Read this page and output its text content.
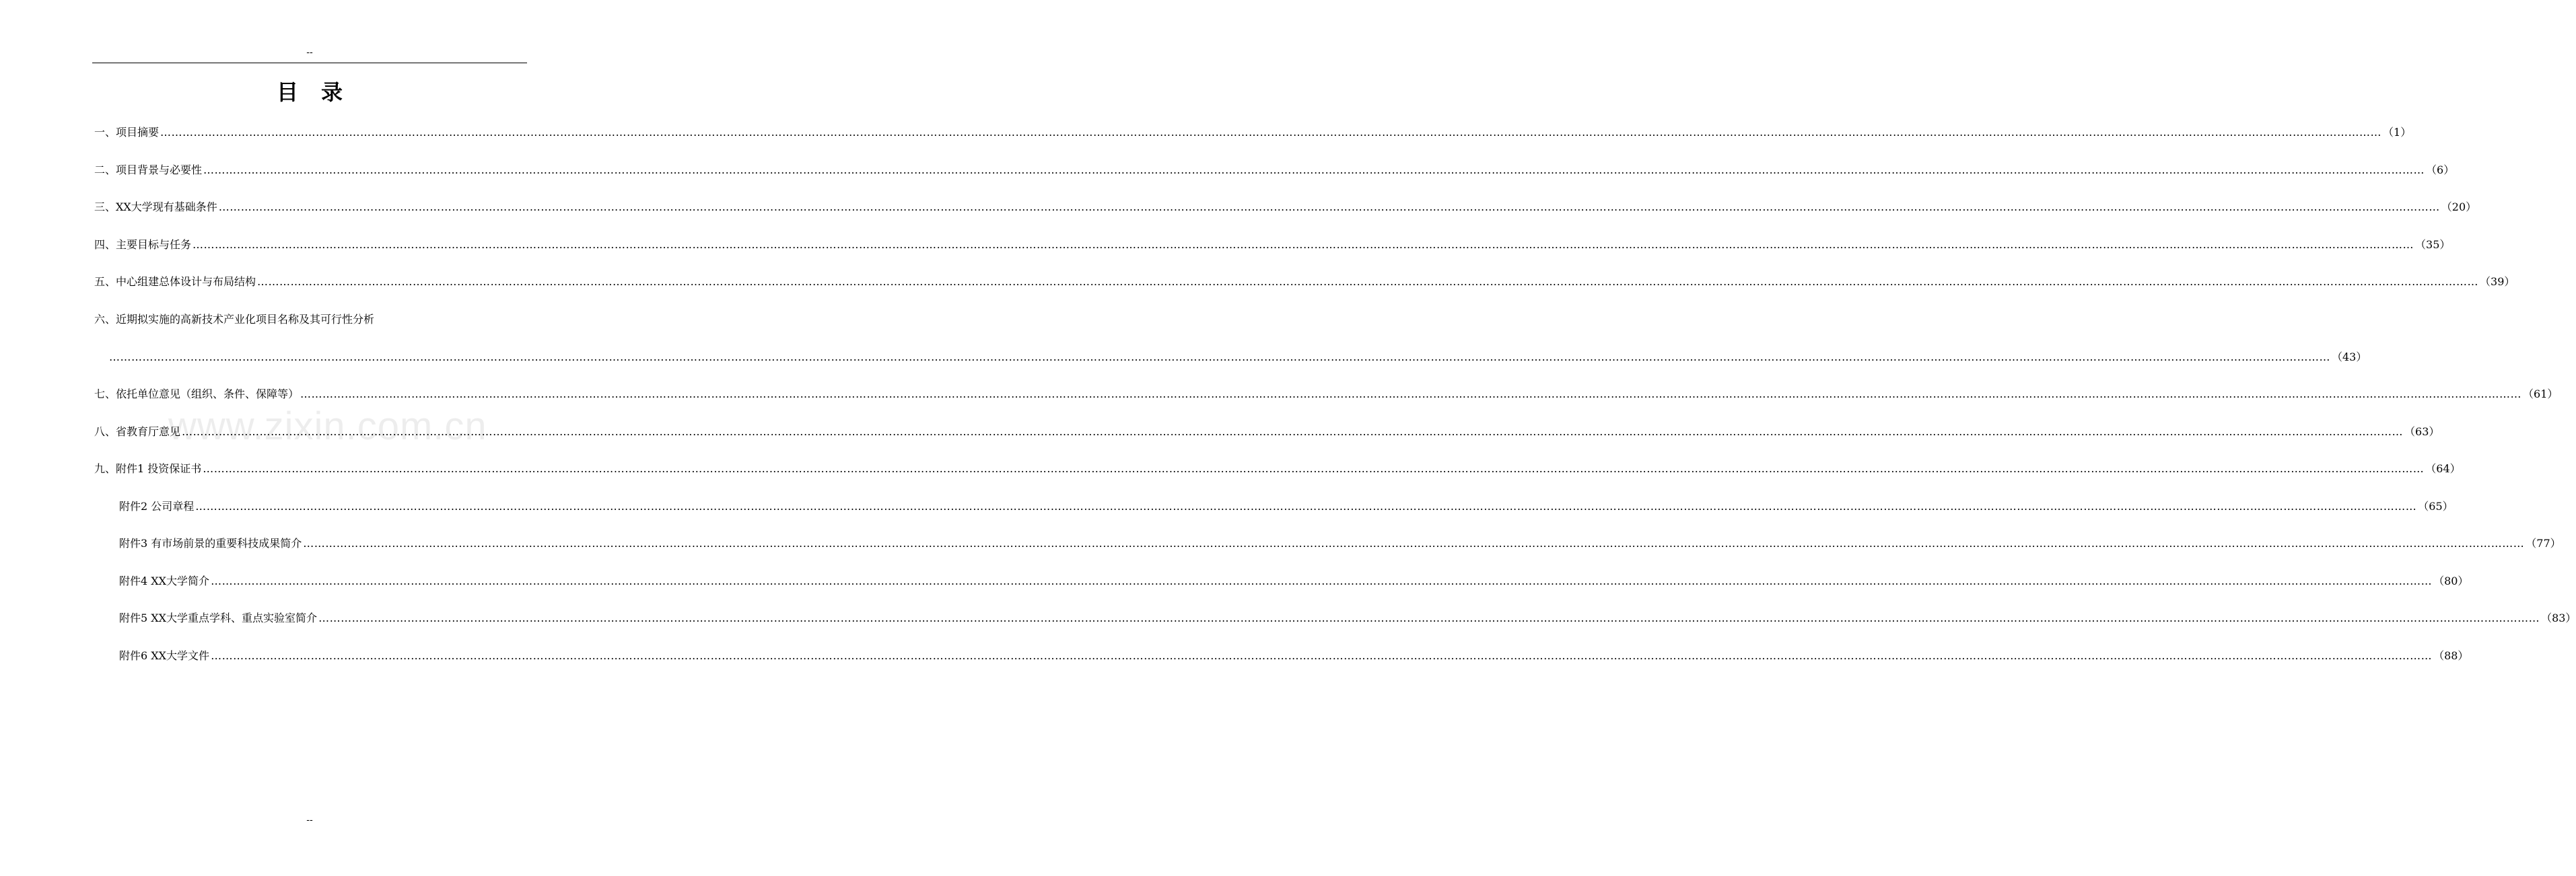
--
目录
www.zixin.com.cn
一、项目摘要 …………………………………………………………………………………………………………………………………………………………………………………………………………………………………………………………………………………………………………………………………………………………………………………………………………………………………………………………………………………………………………………………………………………… （1）
二、项目背景与必要性 …………………………………………………………………………………………………………………………………………………………………………………………………………………………………………………………………………………………………………………………………………………………………………………………………………………………………………………………………………………………………………………………………………………… （6）
三、XX大学现有基础条件 …………………………………………………………………………………………………………………………………………………………………………………………………………………………………………………………………………………………………………………………………………………………………………………………………………………………………………………………………………………………………………………………………………………… （20）
四、主要目标与任务 …………………………………………………………………………………………………………………………………………………………………………………………………………………………………………………………………………………………………………………………………………………………………………………………………………………………………………………………………………………………………………………………………………………… （35）
五、中心组建总体设计与布局结构 …………………………………………………………………………………………………………………………………………………………………………………………………………………………………………………………………………………………………………………………………………………………………………………………………………………………………………………………………………………………………………………………………………………… （39）
六、近期拟实施的高新技术产业化项目名称及其可行性分析
…………………………………………………………………………………………………………………………………………………………………………………………………………………………………………………………………………………………………………………………………………………………………………………………………………………………………………………………………………………………………………………………………………………… （43）
七、依托单位意见（组织、条件、保障等） …………………………………………………………………………………………………………………………………………………………………………………………………………………………………………………………………………………………………………………………………………………………………………………………………………………………………………………………………………………………………………………………………………………… （61）
八、省教育厅意见 …………………………………………………………………………………………………………………………………………………………………………………………………………………………………………………………………………………………………………………………………………………………………………………………………………………………………………………………………………………………………………………………………………………… （63）
九、附件1 投资保证书 …………………………………………………………………………………………………………………………………………………………………………………………………………………………………………………………………………………………………………………………………………………………………………………………………………………………………………………………………………………………………………………………………………………… （64）
附件2 公司章程 …………………………………………………………………………………………………………………………………………………………………………………………………………………………………………………………………………………………………………………………………………………………………………………………………………………………………………………………………………………………………………………………………………………… （65）
附件3 有市场前景的重要科技成果简介 …………………………………………………………………………………………………………………………………………………………………………………………………………………………………………………………………………………………………………………………………………………………………………………………………………………………………………………………………………………………………………………………………………………… （77）
附件4 XX大学简介 …………………………………………………………………………………………………………………………………………………………………………………………………………………………………………………………………………………………………………………………………………………………………………………………………………………………………………………………………………………………………………………………………………………… （80）
附件5 XX大学重点学科、重点实验室简介 …………………………………………………………………………………………………………………………………………………………………………………………………………………………………………………………………………………………………………………………………………………………………………………………………………………………………………………………………………………………………………………………………………………… （83）
附件6 XX大学文件 …………………………………………………………………………………………………………………………………………………………………………………………………………………………………………………………………………………………………………………………………………………………………………………………………………………………………………………………………………………………………………………………………………………… （88）
--
